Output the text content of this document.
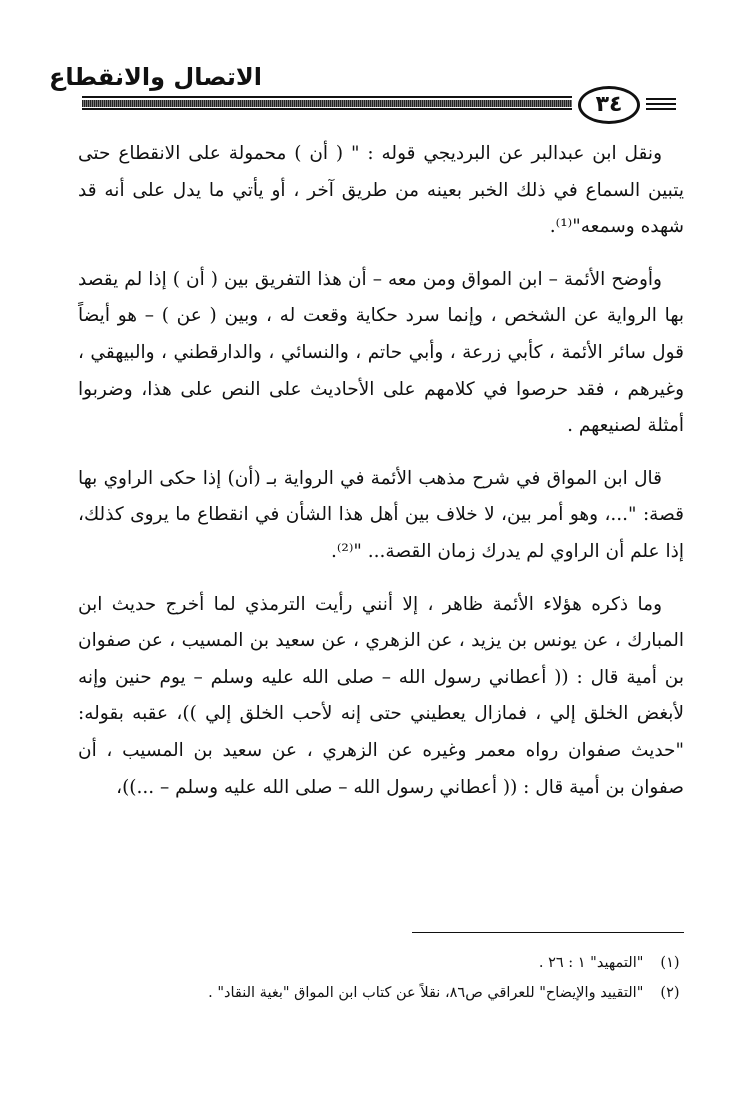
الاتصال والانقطاع
٣٤

ونقل ابن عبدالبر عن البرديجي قوله : " ( أن ) محمولة على الانقطاع حتى يتبين السماع في ذلك الخبر بعينه من طريق آخر ، أو يأتي ما يدل على أنه قد شهده وسمعه"⁽¹⁾.

وأوضح الأئمة – ابن المواق ومن معه – أن هذا التفريق بين ( أن ) إذا لم يقصد بها الرواية عن الشخص ، وإنما سرد حكاية وقعت له ، وبين ( عن ) – هو أيضاً قول سائر الأئمة ، كأبي زرعة ، وأبي حاتم ، والنسائي ، والدارقطني ، والبيهقي ، وغيرهم ، فقد حرصوا في كلامهم على الأحاديث على النص على هذا، وضربوا أمثلة لصنيعهم .

قال ابن المواق في شرح مذهب الأئمة في الرواية بـ (أن) إذا حكى الراوي بها قصة: "...، وهو أمر بين، لا خلاف بين أهل هذا الشأن في انقطاع ما يروى كذلك، إذا علم أن الراوي لم يدرك زمان القصة... "⁽²⁾.

وما ذكره هؤلاء الأئمة ظاهر ، إلا أنني رأيت الترمذي لما أخرج حديث ابن المبارك ، عن يونس بن يزيد ، عن الزهري ، عن سعيد بن المسيب ، عن صفوان بن أمية قال : (( أعطاني رسول الله – صلى الله عليه وسلم – يوم حنين وإنه لأبغض الخلق إلي ، فمازال يعطيني حتى إنه لأحب الخلق إلي ))، عقبه بقوله: "حديث صفوان رواه معمر وغيره عن الزهري ، عن سعيد بن المسيب ، أن صفوان بن أمية قال : (( أعطاني رسول الله – صلى الله عليه وسلم – ...))،

(١) "التمهيد" ١ : ٢٦ .
(٢) "التقييد والإيضاح" للعراقي ص٨٦، نقلاً عن كتاب ابن المواق "بغية النقاد" .
